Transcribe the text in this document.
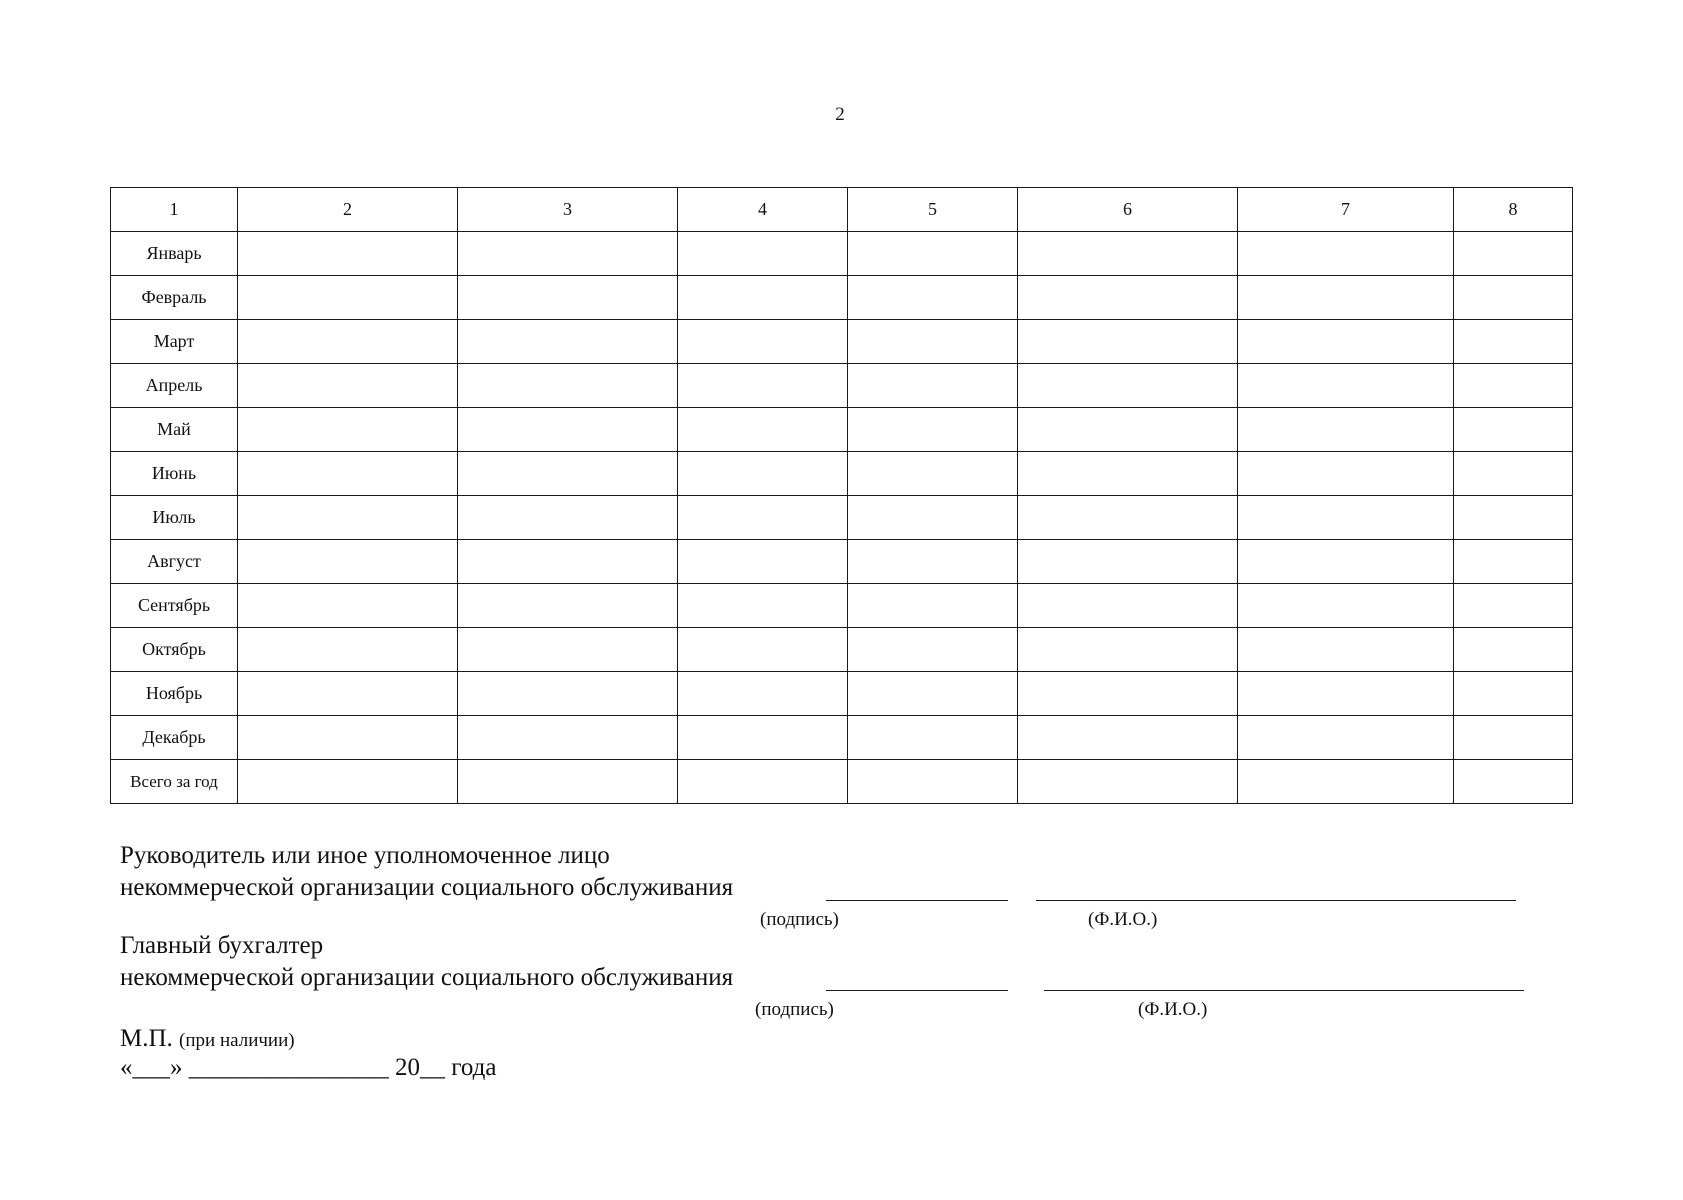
2
1	2	3	4	5	6	7	8
Январь							
Февраль							
Март							
Апрель							
Май							
Июнь							
Июль							
Август							
Сентябрь							
Октябрь							
Ноябрь							
Декабрь							
Всего за год							
Руководитель или иное уполномоченное лицо
некоммерческой организации социального обслуживания
(подпись)	(Ф.И.О.)
Главный бухгалтер
некоммерческой организации социального обслуживания
(подпись)	(Ф.И.О.)
М.П. (при наличии)
«___» ________________ 20__ года
